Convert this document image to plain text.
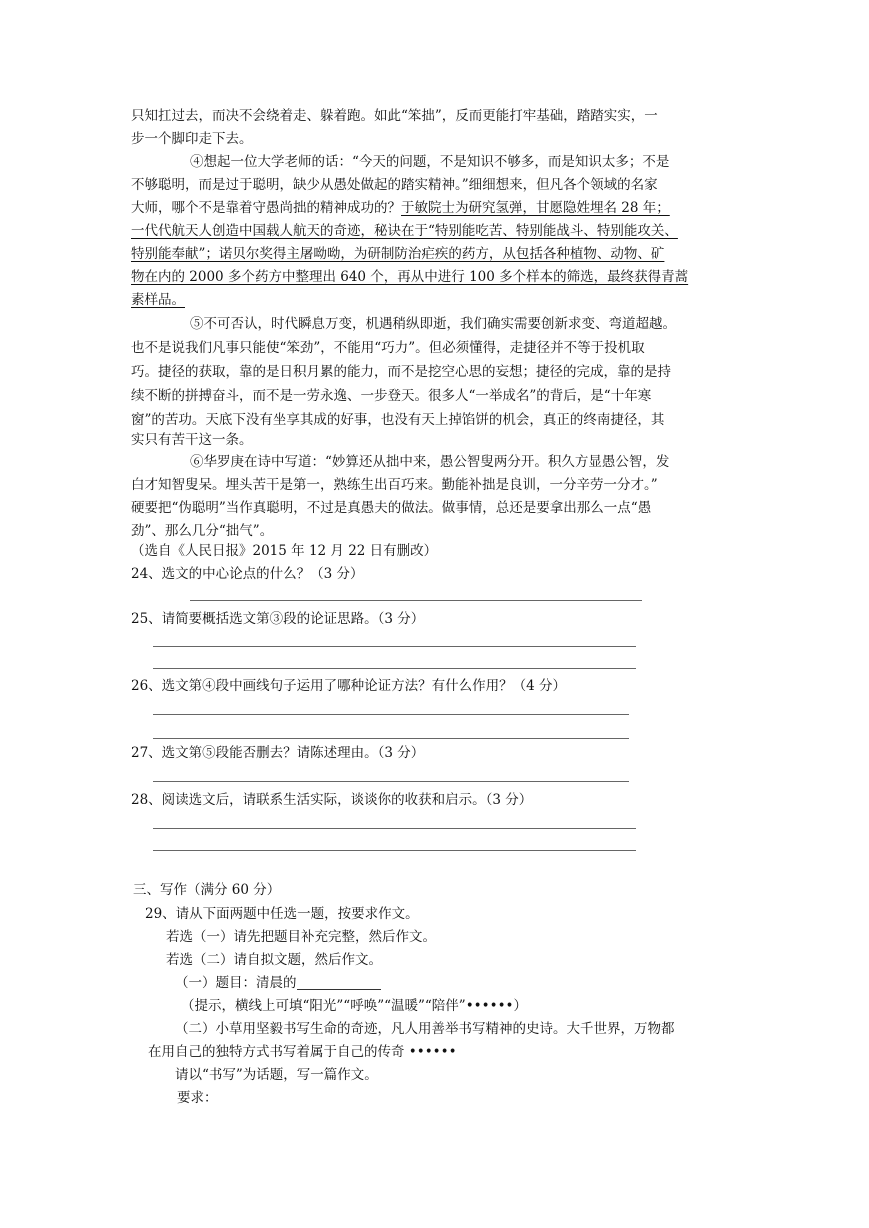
只知扛过去，而决不会绕着走、躲着跑。如此“笨拙”，反而更能打牢基础，踏踏实实，一
步一个脚印走下去。
④想起一位大学老师的话：“今天的问题，不是知识不够多，而是知识太多；不是
不够聪明，而是过于聪明，缺少从愚处做起的踏实精神。”细细想来，但凡各个领域的名家
大师，哪个不是靠着守愚尚拙的精神成功的？于敏院士为研究氢弹，甘愿隐姓埋名 28 年；
一代代航天人创造中国载人航天的奇迹，秘诀在于“特别能吃苦、特别能战斗、特别能攻关、
特别能奉献”；诺贝尔奖得主屠呦呦，为研制防治疟疾的药方，从包括各种植物、动物、矿
物在内的 2000 多个药方中整理出 640 个，再从中进行 100 多个样本的筛选，最终获得青蒿
素样品。
⑤不可否认，时代瞬息万变，机遇稍纵即逝，我们确实需要创新求变、弯道超越。
也不是说我们凡事只能使“笨劲”，不能用“巧力”。但必须懂得，走捷径并不等于投机取
巧。捷径的获取，靠的是日积月累的能力，而不是挖空心思的妄想；捷径的完成，靠的是持
续不断的拼搏奋斗，而不是一劳永逸、一步登天。很多人“一举成名”的背后，是“十年寒
窗”的苦功。天底下没有坐享其成的好事，也没有天上掉馅饼的机会，真正的终南捷径，其
实只有苦干这一条。
⑥华罗庚在诗中写道：“妙算还从拙中来，愚公智叟两分开。积久方显愚公智，发
白才知智叟呆。埋头苦干是第一，熟练生出百巧来。勤能补拙是良训，一分辛劳一分才。”
硬要把“伪聪明”当作真聪明，不过是真愚夫的做法。做事情，总还是要拿出那么一点“愚
劲”、那么几分“拙气”。
（选自《人民日报》2015 年 12 月 22 日有删改）
24、选文的中心论点的什么？（3 分）
25、请简要概括选文第③段的论证思路。（3 分）
26、选文第④段中画线句子运用了哪种论证方法？有什么作用？（4 分）
27、选文第⑤段能否删去？请陈述理由。（3 分）
28、阅读选文后，请联系生活实际，谈谈你的收获和启示。（3 分）
三、写作（满分 60 分）
29、请从下面两题中任选一题，按要求作文。
若选（一）请先把题目补充完整，然后作文。
若选（二）请自拟文题，然后作文。
（一）题目：清晨的
（提示，横线上可填“阳光”“呼唤”“温暖”“陪伴”••••••）
（二）小草用坚毅书写生命的奇迹，凡人用善举书写精神的史诗。大千世界，万物都
在用自己的独特方式书写着属于自己的传奇 ••••••
请以“书写”为话题，写一篇作文。
要求：
